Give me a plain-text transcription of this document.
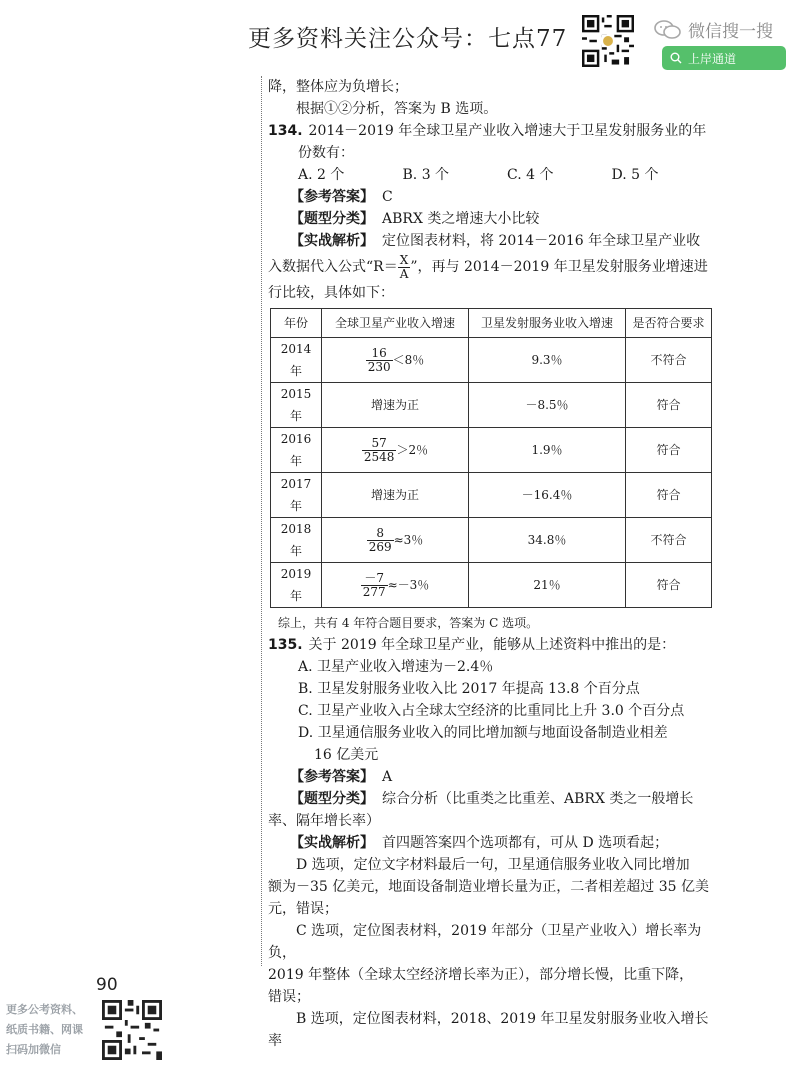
更多资料关注公众号：七点77	微信搜一搜
上岸通道

降，整体应为负增长；

根据①②分析，答案为 B 选项。

134. 2014－2019 年全球卫星产业收入增速大于卫星发射服务业的年

份数有：

A. 2 个	B. 3 个	C. 4 个	D. 5 个

【参考答案】 C

【题型分类】 ABRX 类之增速大小比较

【实战解析】 定位图表材料，将 2014－2016 年全球卫星产业收

入数据代入公式“$R= \frac{X}{A}$ ”，再与 2014－2019 年卫星发射服务业增速进

行比较，具体如下：

年份	全球卫星产业收入增速	卫星发射服务业收入增速	是否符合要求
2014 年	$\frac{16}{230} <8$％	9.3％	不符合
2015 年	增速为正	－8.5％	符合
2016 年	$\frac{57}{2548} >2$％	1.9％	符合
2017 年	增速为正	－16.4％	符合
2018 年	$\frac{8}{269} \approx 3$％	34.8％	不符合
2019 年	$\frac{-7}{277} \approx-3$％	21％	符合

综上，共有 4 年符合题目要求，答案为 C 选项。

135. 关于 2019 年全球卫星产业，能够从上述资料中推出的是：

A. 卫星产业收入增速为－2.4％

B. 卫星发射服务业收入比 2017 年提高 13.8 个百分点

C. 卫星产业收入占全球太空经济的比重同比上升 3.0 个百分点

D. 卫星通信服务业收入的同比增加额与地面设备制造业相差

16 亿美元

【参考答案】 A

【题型分类】 综合分析（比重类之比重差、ABRX 类之一般增长

率、隔年增长率）

【实战解析】 首四题答案四个选项都有，可从 D 选项看起；

D 选项，定位文字材料最后一句，卫星通信服务业收入同比增加

额为－35 亿美元，地面设备制造业增长量为正，二者相差超过 35 亿美

元，错误；

C 选项，定位图表材料，2019 年部分（卫星产业收入）增长率为负，

2019 年整体（全球太空经济增长率为正），部分增长慢，比重下降，

错误；

B 选项，定位图表材料，2018、2019 年卫星发射服务业收入增长率

90
更多公考资料、
纸质书籍、网课
扫码加微信
